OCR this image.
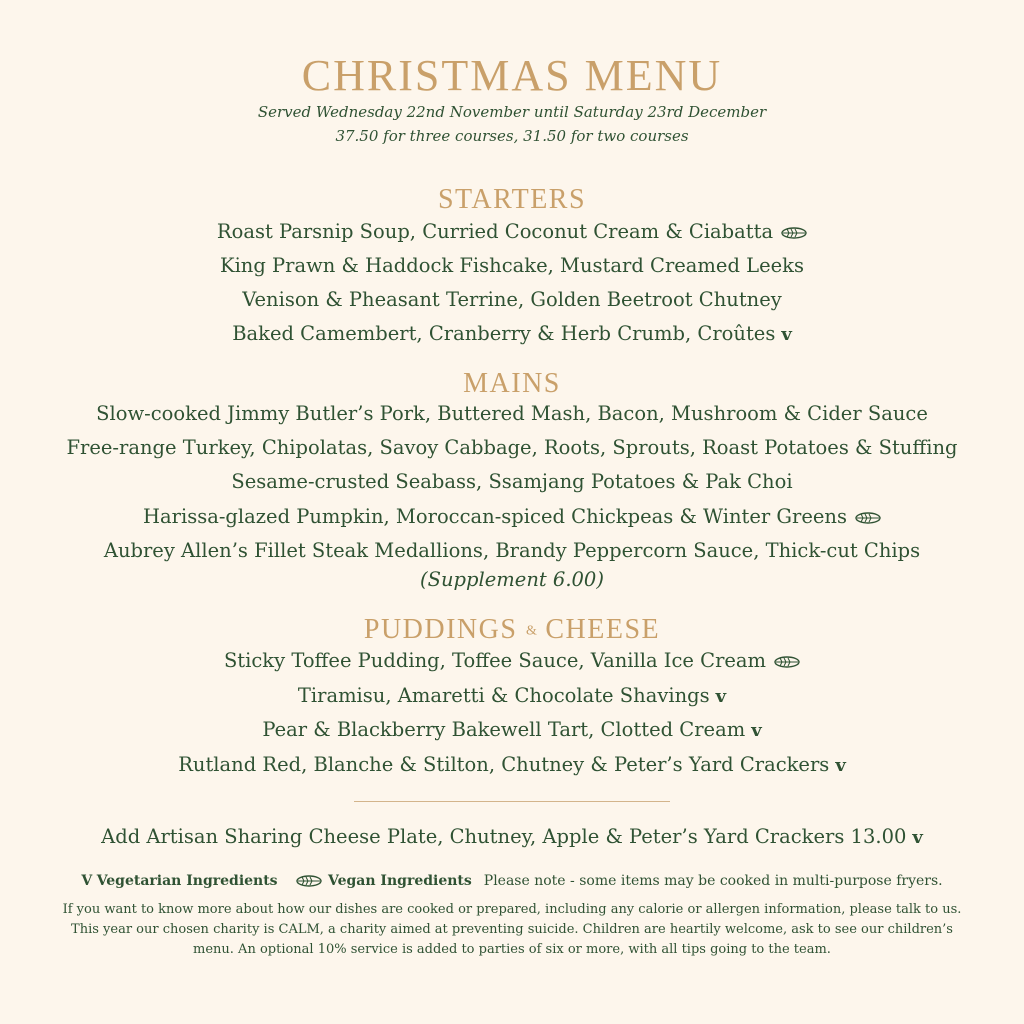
CHRISTMAS MENU
Served Wednesday 22nd November until Saturday 23rd December
37.50 for three courses, 31.50 for two courses
STARTERS
Roast Parsnip Soup, Curried Coconut Cream & Ciabatta
King Prawn & Haddock Fishcake, Mustard Creamed Leeks
Venison & Pheasant Terrine, Golden Beetroot Chutney
Baked Camembert, Cranberry & Herb Crumb, Croûtes v
MAINS
Slow-cooked Jimmy Butler’s Pork, Buttered Mash, Bacon, Mushroom & Cider Sauce
Free-range Turkey, Chipolatas, Savoy Cabbage, Roots, Sprouts, Roast Potatoes & Stuffing
Sesame-crusted Seabass, Ssamjang Potatoes & Pak Choi
Harissa-glazed Pumpkin, Moroccan-spiced Chickpeas & Winter Greens
Aubrey Allen’s Fillet Steak Medallions, Brandy Peppercorn Sauce, Thick-cut Chips
(Supplement 6.00)
PUDDINGS & CHEESE
Sticky Toffee Pudding, Toffee Sauce, Vanilla Ice Cream
Tiramisu, Amaretti & Chocolate Shavings v
Pear & Blackberry Bakewell Tart, Clotted Cream v
Rutland Red, Blanche & Stilton, Chutney & Peter’s Yard Crackers v
Add Artisan Sharing Cheese Plate, Chutney, Apple & Peter’s Yard Crackers 13.00 v
V Vegetarian Ingredients	Vegan Ingredients Please note - some items may be cooked in multi-purpose fryers.
If you want to know more about how our dishes are cooked or prepared, including any calorie or allergen information, please talk to us. This year our chosen charity is CALM, a charity aimed at preventing suicide. Children are heartily welcome, ask to see our children’s menu. An optional 10% service is added to parties of six or more, with all tips going to the team.
